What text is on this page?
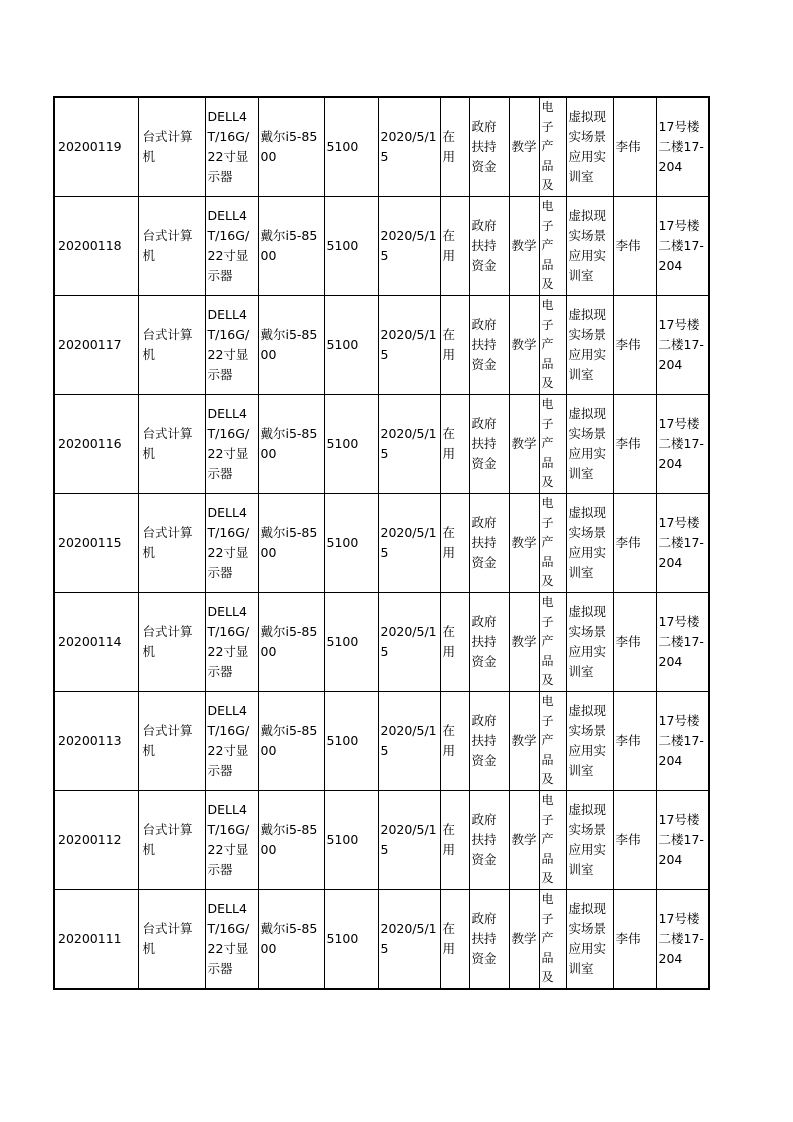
20200119	台式计算机	DELL4T/16G/22寸显示器	戴尔i5-8500	5100	2020/5/15	在用	政府扶持资金	教学	电子产品及	虚拟现实场景应用实训室	李伟	17号楼二楼17-204
20200118	台式计算机	DELL4T/16G/22寸显示器	戴尔i5-8500	5100	2020/5/15	在用	政府扶持资金	教学	电子产品及	虚拟现实场景应用实训室	李伟	17号楼二楼17-204
20200117	台式计算机	DELL4T/16G/22寸显示器	戴尔i5-8500	5100	2020/5/15	在用	政府扶持资金	教学	电子产品及	虚拟现实场景应用实训室	李伟	17号楼二楼17-204
20200116	台式计算机	DELL4T/16G/22寸显示器	戴尔i5-8500	5100	2020/5/15	在用	政府扶持资金	教学	电子产品及	虚拟现实场景应用实训室	李伟	17号楼二楼17-204
20200115	台式计算机	DELL4T/16G/22寸显示器	戴尔i5-8500	5100	2020/5/15	在用	政府扶持资金	教学	电子产品及	虚拟现实场景应用实训室	李伟	17号楼二楼17-204
20200114	台式计算机	DELL4T/16G/22寸显示器	戴尔i5-8500	5100	2020/5/15	在用	政府扶持资金	教学	电子产品及	虚拟现实场景应用实训室	李伟	17号楼二楼17-204
20200113	台式计算机	DELL4T/16G/22寸显示器	戴尔i5-8500	5100	2020/5/15	在用	政府扶持资金	教学	电子产品及	虚拟现实场景应用实训室	李伟	17号楼二楼17-204
20200112	台式计算机	DELL4T/16G/22寸显示器	戴尔i5-8500	5100	2020/5/15	在用	政府扶持资金	教学	电子产品及	虚拟现实场景应用实训室	李伟	17号楼二楼17-204
20200111	台式计算机	DELL4T/16G/22寸显示器	戴尔i5-8500	5100	2020/5/15	在用	政府扶持资金	教学	电子产品及	虚拟现实场景应用实训室	李伟	17号楼二楼17-204
